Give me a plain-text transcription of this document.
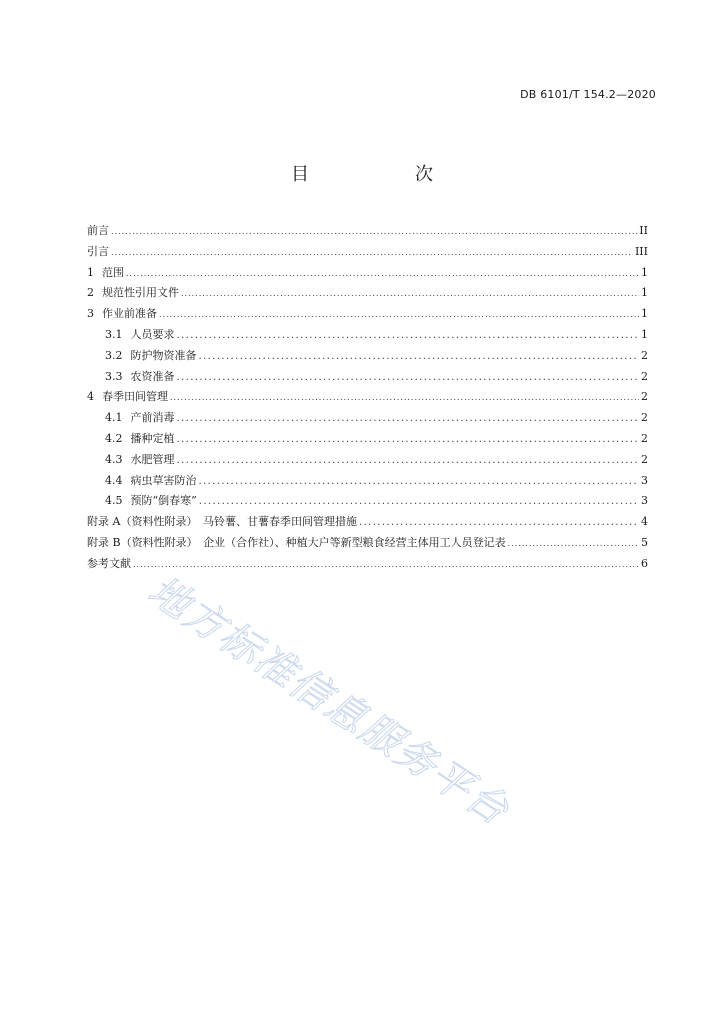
DB 6101/T 154.2—2020
目　次
前言 .....	II
引言 .....	III
1 范围 .....	1
2 规范性引用文件 .....	1
3 作业前准备 .....	1
3.1 人员要求 .....	1
3.2 防护物资准备 .....	2
3.3 农资准备 .....	2
4 春季田间管理 .....	2
4.1 产前消毒 .....	2
4.2 播种定植 .....	2
4.3 水肥管理 .....	2
4.4 病虫草害防治 .....	3
4.5 预防“倒春寒” .....	3
附录 A（资料性附录）　马铃薯、甘薯春季田间管理措施 .....	4
附录 B（资料性附录）　企业（合作社）、种植大户等新型粮食经营主体用工人员登记表 .....	5
参考文献 .....	6
地方标准信息服务平台
